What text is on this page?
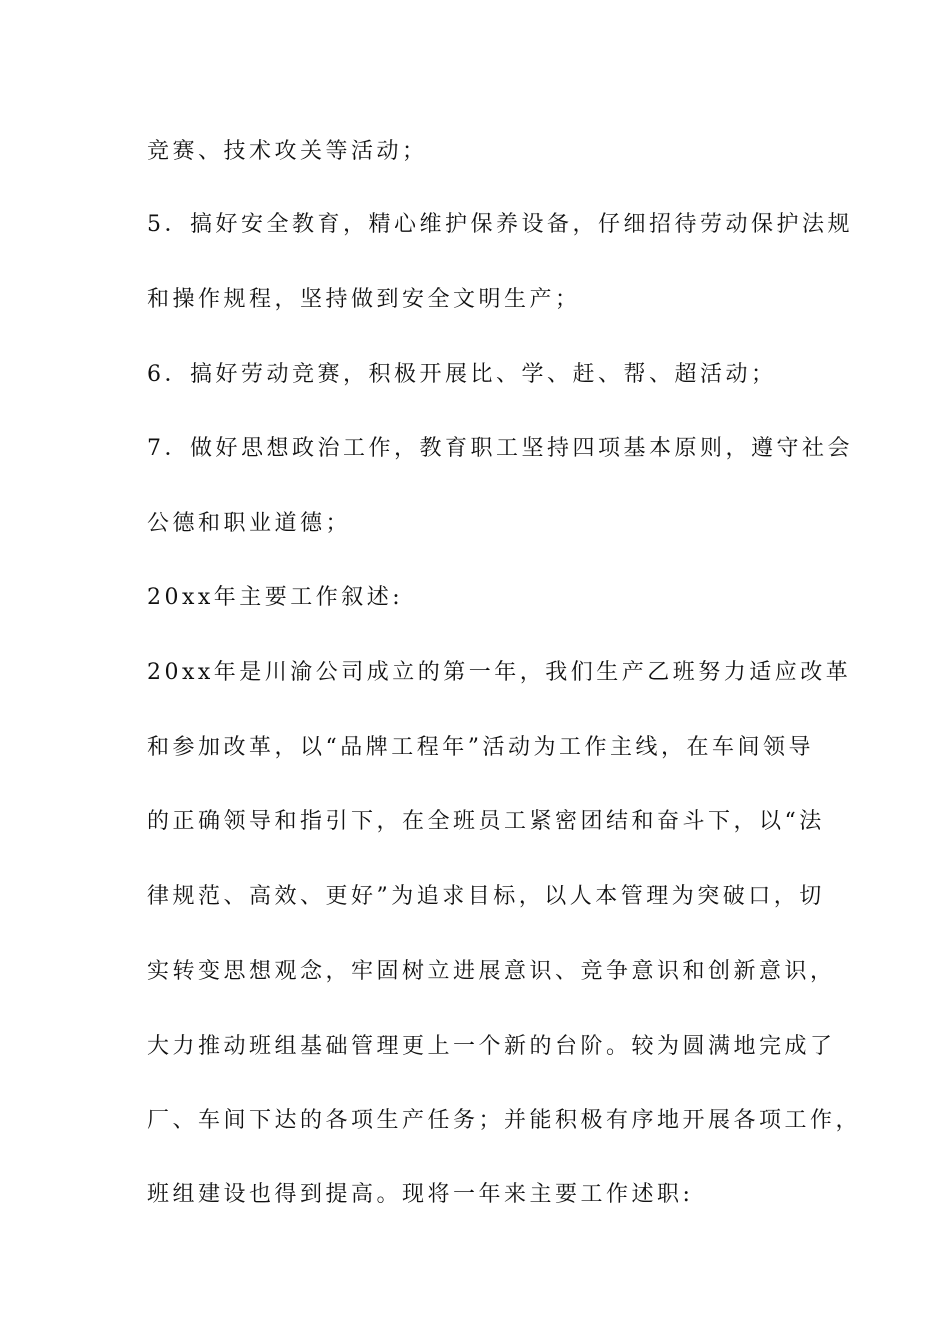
竞赛、技术攻关等活动；
5．搞好安全教育，精心维护保养设备，仔细招待劳动保护法规
和操作规程，坚持做到安全文明生产；
6．搞好劳动竞赛，积极开展比、学、赶、帮、超活动；
7．做好思想政治工作，教育职工坚持四项基本原则，遵守社会
公德和职业道德；
20xx年主要工作叙述:
20xx年是川渝公司成立的第一年，我们生产乙班努力适应改革
和参加改革，以“品牌工程年”活动为工作主线，在车间领导
的正确领导和指引下，在全班员工紧密团结和奋斗下，以“法
律规范、高效、更好”为追求目标，以人本管理为突破口，切
实转变思想观念，牢固树立进展意识、竞争意识和创新意识，
大力推动班组基础管理更上一个新的台阶。较为圆满地完成了
厂、车间下达的各项生产任务；并能积极有序地开展各项工作，
班组建设也得到提高。现将一年来主要工作述职:
